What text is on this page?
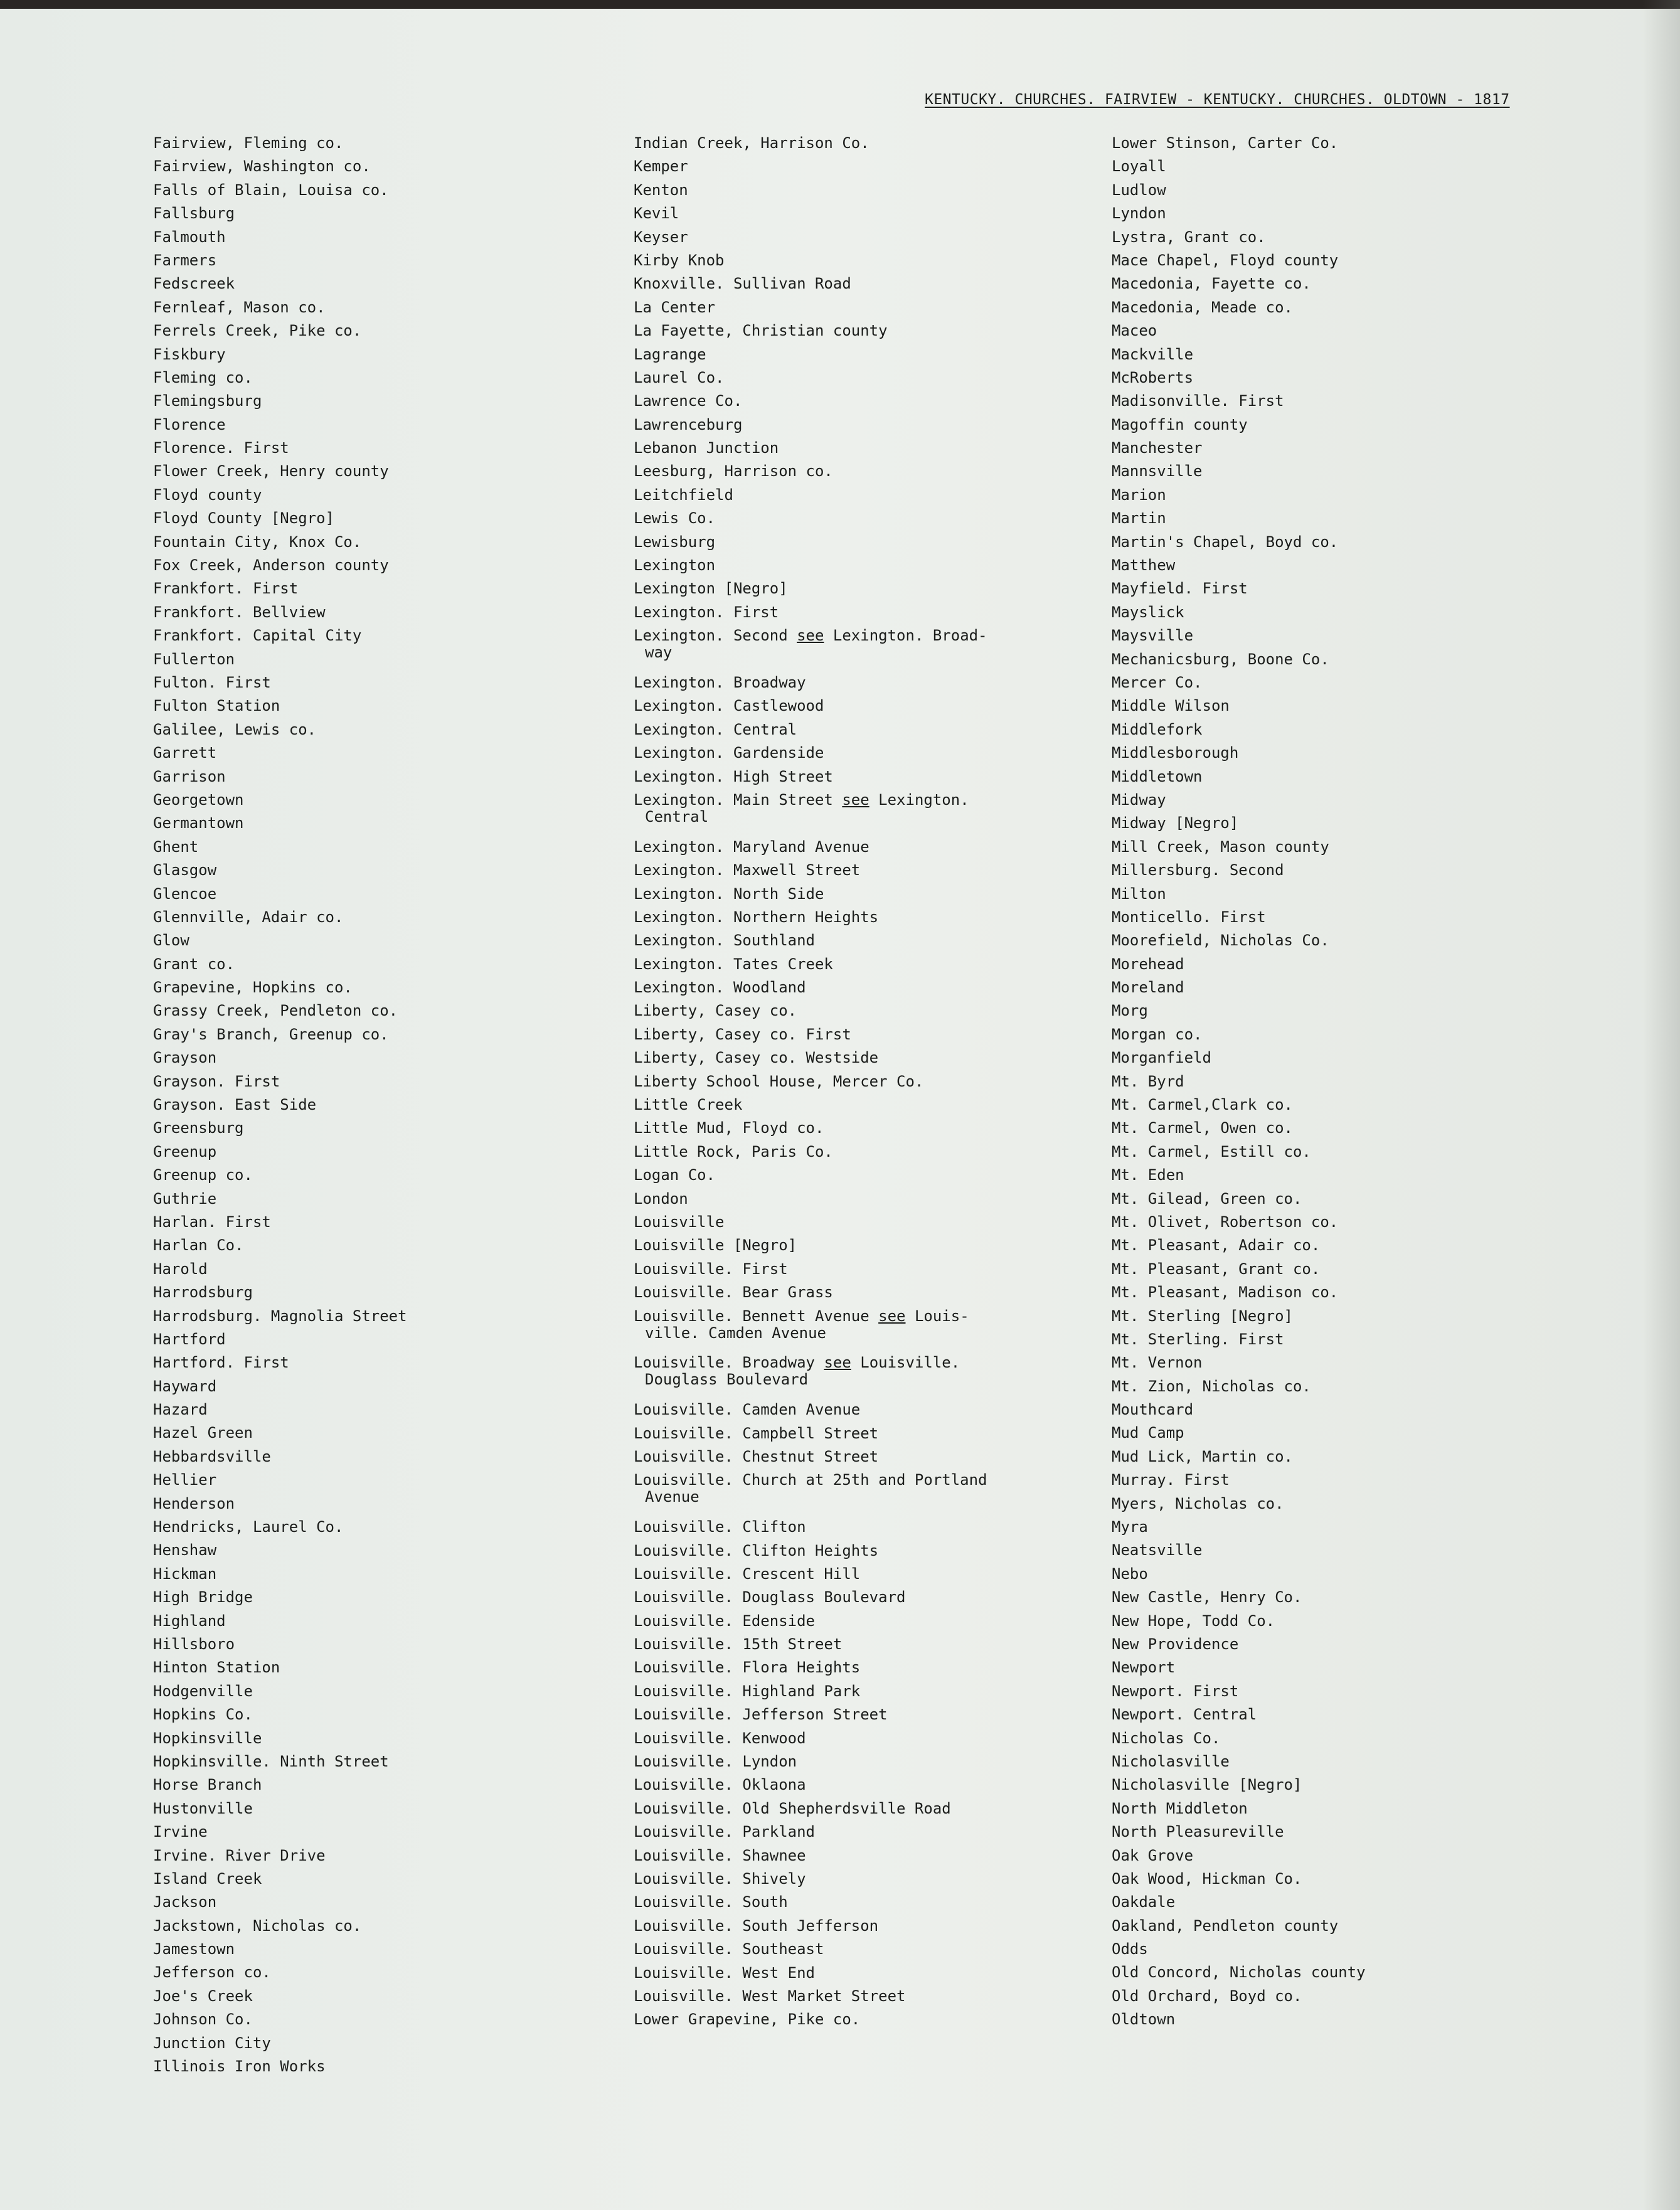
KENTUCKY. CHURCHES. FAIRVIEW - KENTUCKY. CHURCHES. OLDTOWN - 1817
Fairview, Fleming co.
Fairview, Washington co.
Falls of Blain, Louisa co.
Fallsburg
Falmouth
Farmers
Fedscreek
Fernleaf, Mason co.
Ferrels Creek, Pike co.
Fiskbury
Fleming co.
Flemingsburg
Florence
Florence. First
Flower Creek, Henry county
Floyd county
Floyd County [Negro]
Fountain City, Knox Co.
Fox Creek, Anderson county
Frankfort. First
Frankfort. Bellview
Frankfort. Capital City
Fullerton
Fulton. First
Fulton Station
Galilee, Lewis co.
Garrett
Garrison
Georgetown
Germantown
Ghent
Glasgow
Glencoe
Glennville, Adair co.
Glow
Grant co.
Grapevine, Hopkins co.
Grassy Creek, Pendleton co.
Gray's Branch, Greenup co.
Grayson
Grayson. First
Grayson. East Side
Greensburg
Greenup
Greenup co.
Guthrie
Harlan. First
Harlan Co.
Harold
Harrodsburg
Harrodsburg. Magnolia Street
Hartford
Hartford. First
Hayward
Hazard
Hazel Green
Hebbardsville
Hellier
Henderson
Hendricks, Laurel Co.
Henshaw
Hickman
High Bridge
Highland
Hillsboro
Hinton Station
Hodgenville
Hopkins Co.
Hopkinsville
Hopkinsville. Ninth Street
Horse Branch
Hustonville
Irvine
Irvine. River Drive
Island Creek
Jackson
Jackstown, Nicholas co.
Jamestown
Jefferson co.
Joe's Creek
Johnson Co.
Junction City
Illinois Iron Works
Indian Creek, Harrison Co.
Kemper
Kenton
Kevil
Keyser
Kirby Knob
Knoxville. Sullivan Road
La Center
La Fayette, Christian county
Lagrange
Laurel Co.
Lawrence Co.
Lawrenceburg
Lebanon Junction
Leesburg, Harrison co.
Leitchfield
Lewis Co.
Lewisburg
Lexington
Lexington [Negro]
Lexington. First
Lexington. Second see Lexington. Broad-
way
Lexington. Broadway
Lexington. Castlewood
Lexington. Central
Lexington. Gardenside
Lexington. High Street
Lexington. Main Street see Lexington.
Central
Lexington. Maryland Avenue
Lexington. Maxwell Street
Lexington. North Side
Lexington. Northern Heights
Lexington. Southland
Lexington. Tates Creek
Lexington. Woodland
Liberty, Casey co.
Liberty, Casey co. First
Liberty, Casey co. Westside
Liberty School House, Mercer Co.
Little Creek
Little Mud, Floyd co.
Little Rock, Paris Co.
Logan Co.
London
Louisville
Louisville [Negro]
Louisville. First
Louisville. Bear Grass
Louisville. Bennett Avenue see Louis-
ville. Camden Avenue
Louisville. Broadway see Louisville.
Douglass Boulevard
Louisville. Camden Avenue
Louisville. Campbell Street
Louisville. Chestnut Street
Louisville. Church at 25th and Portland
Avenue
Louisville. Clifton
Louisville. Clifton Heights
Louisville. Crescent Hill
Louisville. Douglass Boulevard
Louisville. Edenside
Louisville. 15th Street
Louisville. Flora Heights
Louisville. Highland Park
Louisville. Jefferson Street
Louisville. Kenwood
Louisville. Lyndon
Louisville. Oklaona
Louisville. Old Shepherdsville Road
Louisville. Parkland
Louisville. Shawnee
Louisville. Shively
Louisville. South
Louisville. South Jefferson
Louisville. Southeast
Louisville. West End
Louisville. West Market Street
Lower Grapevine, Pike co.
Lower Stinson, Carter Co.
Loyall
Ludlow
Lyndon
Lystra, Grant co.
Mace Chapel, Floyd county
Macedonia, Fayette co.
Macedonia, Meade co.
Maceo
Mackville
McRoberts
Madisonville. First
Magoffin county
Manchester
Mannsville
Marion
Martin
Martin's Chapel, Boyd co.
Matthew
Mayfield. First
Mayslick
Maysville
Mechanicsburg, Boone Co.
Mercer Co.
Middle Wilson
Middlefork
Middlesborough
Middletown
Midway
Midway [Negro]
Mill Creek, Mason county
Millersburg. Second
Milton
Monticello. First
Moorefield, Nicholas Co.
Morehead
Moreland
Morg
Morgan co.
Morganfield
Mt. Byrd
Mt. Carmel,Clark co.
Mt. Carmel, Owen co.
Mt. Carmel, Estill co.
Mt. Eden
Mt. Gilead, Green co.
Mt. Olivet, Robertson co.
Mt. Pleasant, Adair co.
Mt. Pleasant, Grant co.
Mt. Pleasant, Madison co.
Mt. Sterling [Negro]
Mt. Sterling. First
Mt. Vernon
Mt. Zion, Nicholas co.
Mouthcard
Mud Camp
Mud Lick, Martin co.
Murray. First
Myers, Nicholas co.
Myra
Neatsville
Nebo
New Castle, Henry Co.
New Hope, Todd Co.
New Providence
Newport
Newport. First
Newport. Central
Nicholas Co.
Nicholasville
Nicholasville [Negro]
North Middleton
North Pleasureville
Oak Grove
Oak Wood, Hickman Co.
Oakdale
Oakland, Pendleton county
Odds
Old Concord, Nicholas county
Old Orchard, Boyd co.
Oldtown
